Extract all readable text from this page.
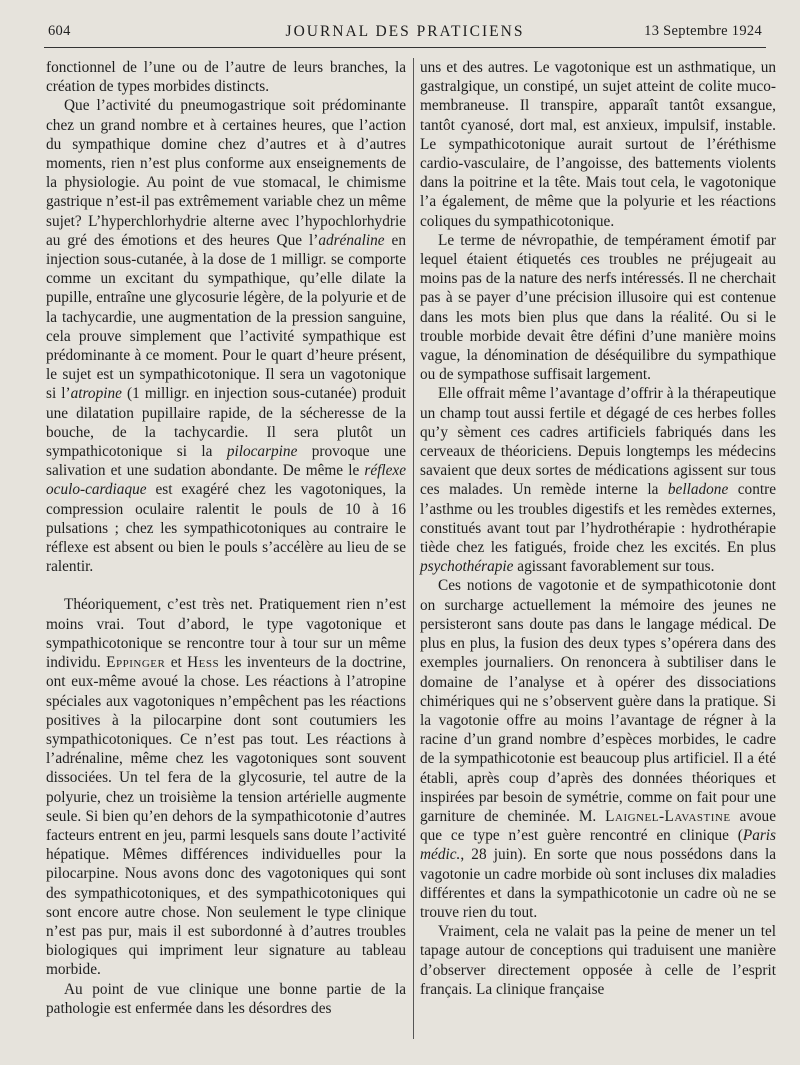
604	JOURNAL DES PRATICIENS	13 Septembre 1924

fonctionnel de l’une ou de l’autre de leurs branches, la création de types morbides distincts.

Que l’activité du pneumogastrique soit prédominante chez un grand nombre et à certaines heures, que l’action du sympathique domine chez d’autres et à d’autres moments, rien n’est plus conforme aux enseignements de la physiologie. Au point de vue stomacal, le chimisme gastrique n’est-il pas extrêmement variable chez un même sujet? L’hyperchlorhydrie alterne avec l’hypochlorhydrie au gré des émotions et des heures Que l’adrénaline en injection sous-cutanée, à la dose de 1 milligr. se comporte comme un excitant du sympathique, qu’elle dilate la pupille, entraîne une glycosurie légère, de la polyurie et de la tachycardie, une augmentation de la pression sanguine, cela prouve simplement que l’activité sympathique est prédominante à ce moment. Pour le quart d’heure présent, le sujet est un sympathicotonique. Il sera un vagotonique si l’atropine (1 milligr. en injection sous-cutanée) produit une dilatation pupillaire rapide, de la sécheresse de la bouche, de la tachycardie. Il sera plutôt un sympathicotonique si la pilocarpine provoque une salivation et une sudation abondante. De même le réflexe oculo-cardiaque est exagéré chez les vagotoniques, la compression oculaire ralentit le pouls de 10 à 16 pulsations ; chez les sympathicotoniques au contraire le réflexe est absent ou bien le pouls s’accélère au lieu de se ralentir.

Théoriquement, c’est très net. Pratiquement rien n’est moins vrai. Tout d’abord, le type vagotonique et sympathicotonique se rencontre tour à tour sur un même individu. Eppinger et Hess les inventeurs de la doctrine, ont eux-même avoué la chose. Les réactions à l’atropine spéciales aux vagotoniques n’empêchent pas les réactions positives à la pilocarpine dont sont coutumiers les sympathicotoniques. Ce n’est pas tout. Les réactions à l’adrénaline, même chez les vagotoniques sont souvent dissociées. Un tel fera de la glycosurie, tel autre de la polyurie, chez un troisième la tension artérielle augmente seule. Si bien qu’en dehors de la sympathicotonie d’autres facteurs entrent en jeu, parmi lesquels sans doute l’activité hépatique. Mêmes différences individuelles pour la pilocarpine. Nous avons donc des vagotoniques qui sont des sympathicotoniques, et des sympathicotoniques qui sont encore autre chose. Non seulement le type clinique n’est pas pur, mais il est subordonné à d’autres troubles biologiques qui impriment leur signature au tableau morbide.

Au point de vue clinique une bonne partie de la pathologie est enfermée dans les désordres des

uns et des autres. Le vagotonique est un asthmatique, un gastralgique, un constipé, un sujet atteint de colite muco-membraneuse. Il transpire, apparaît tantôt exsangue, tantôt cyanosé, dort mal, est anxieux, impulsif, instable. Le sympathicotonique aurait surtout de l’éréthisme cardio-vasculaire, de l’angoisse, des battements violents dans la poitrine et la tête. Mais tout cela, le vagotonique l’a également, de même que la polyurie et les réactions coliques du sympathicotonique.

Le terme de névropathie, de tempérament émotif par lequel étaient étiquetés ces troubles ne préjugeait au moins pas de la nature des nerfs intéressés. Il ne cherchait pas à se payer d’une précision illusoire qui est contenue dans les mots bien plus que dans la réalité. Ou si le trouble morbide devait être défini d’une manière moins vague, la dénomination de déséquilibre du sympathique ou de sympathose suffisait largement.

Elle offrait même l’avantage d’offrir à la thérapeutique un champ tout aussi fertile et dégagé de ces herbes folles qu’y sèment ces cadres artificiels fabriqués dans les cerveaux de théoriciens. Depuis longtemps les médecins savaient que deux sortes de médications agissent sur tous ces malades. Un remède interne la belladone contre l’asthme ou les troubles digestifs et les remèdes externes, constitués avant tout par l’hydrothérapie : hydrothérapie tiède chez les fatigués, froide chez les excités. En plus psychothérapie agissant favorablement sur tous.

Ces notions de vagotonie et de sympathicotonie dont on surcharge actuellement la mémoire des jeunes ne persisteront sans doute pas dans le langage médical. De plus en plus, la fusion des deux types s’opérera dans des exemples journaliers. On renoncera à subtiliser dans le domaine de l’analyse et à opérer des dissociations chimériques qui ne s’observent guère dans la pratique. Si la vagotonie offre au moins l’avantage de régner à la racine d’un grand nombre d’espèces morbides, le cadre de la sympathicotonie est beaucoup plus artificiel. Il a été établi, après coup d’après des données théoriques et inspirées par besoin de symétrie, comme on fait pour une garniture de cheminée. M. Laignel-Lavastine avoue que ce type n’est guère rencontré en clinique (Paris médic., 28 juin). En sorte que nous possédons dans la vagotonie un cadre morbide où sont incluses dix maladies différentes et dans la sympathicotonie un cadre où ne se trouve rien du tout.

Vraiment, cela ne valait pas la peine de mener un tel tapage autour de conceptions qui traduisent une manière d’observer directement opposée à celle de l’esprit français. La clinique française
